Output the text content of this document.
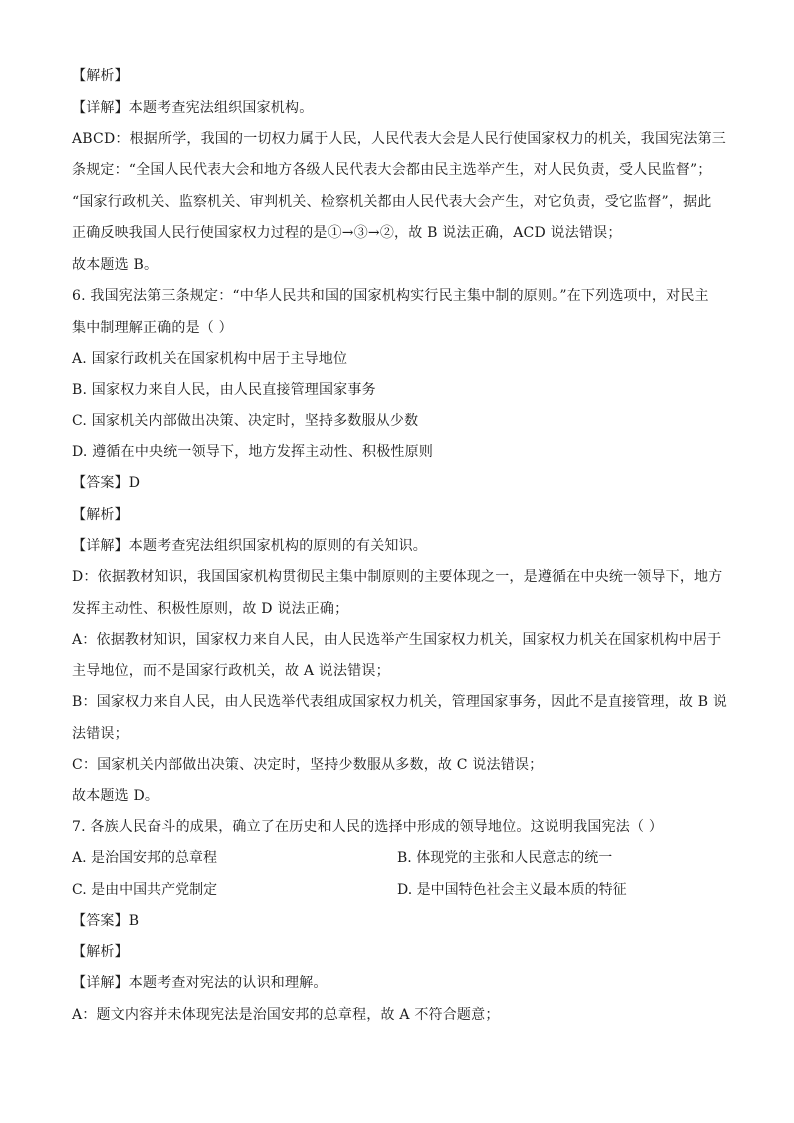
【解析】
【详解】本题考查宪法组织国家机构。
ABCD：根据所学，我国的一切权力属于人民，人民代表大会是人民行使国家权力的机关，我国宪法第三
条规定：“全国人民代表大会和地方各级人民代表大会都由民主选举产生，对人民负责，受人民监督”；
“国家行政机关、监察机关、审判机关、检察机关都由人民代表大会产生，对它负责，受它监督”，据此
正确反映我国人民行使国家权力过程的是①→③→②，故 B 说法正确，ACD 说法错误；
故本题选 B。
6. 我国宪法第三条规定：“中华人民共和国的国家机构实行民主集中制的原则。”在下列选项中，对民主
集中制理解正确的是（ ）
A. 国家行政机关在国家机构中居于主导地位
B. 国家权力来自人民，由人民直接管理国家事务
C. 国家机关内部做出决策、决定时，坚持多数服从少数
D. 遵循在中央统一领导下，地方发挥主动性、积极性原则
【答案】D
【解析】
【详解】本题考查宪法组织国家机构的原则的有关知识。
D：依据教材知识，我国国家机构贯彻民主集中制原则的主要体现之一，是遵循在中央统一领导下，地方
发挥主动性、积极性原则，故 D 说法正确；
A：依据教材知识，国家权力来自人民，由人民选举产生国家权力机关，国家权力机关在国家机构中居于
主导地位，而不是国家行政机关，故 A 说法错误；
B：国家权力来自人民，由人民选举代表组成国家权力机关，管理国家事务，因此不是直接管理，故 B 说
法错误；
C：国家机关内部做出决策、决定时，坚持少数服从多数，故 C 说法错误；
故本题选 D。
7. 各族人民奋斗的成果，确立了在历史和人民的选择中形成的领导地位。这说明我国宪法（ ）
A. 是治国安邦的总章程	B. 体现党的主张和人民意志的统一
C. 是由中国共产党制定	D. 是中国特色社会主义最本质的特征
【答案】B
【解析】
【详解】本题考查对宪法的认识和理解。
A：题文内容并未体现宪法是治国安邦的总章程，故 A 不符合题意；
